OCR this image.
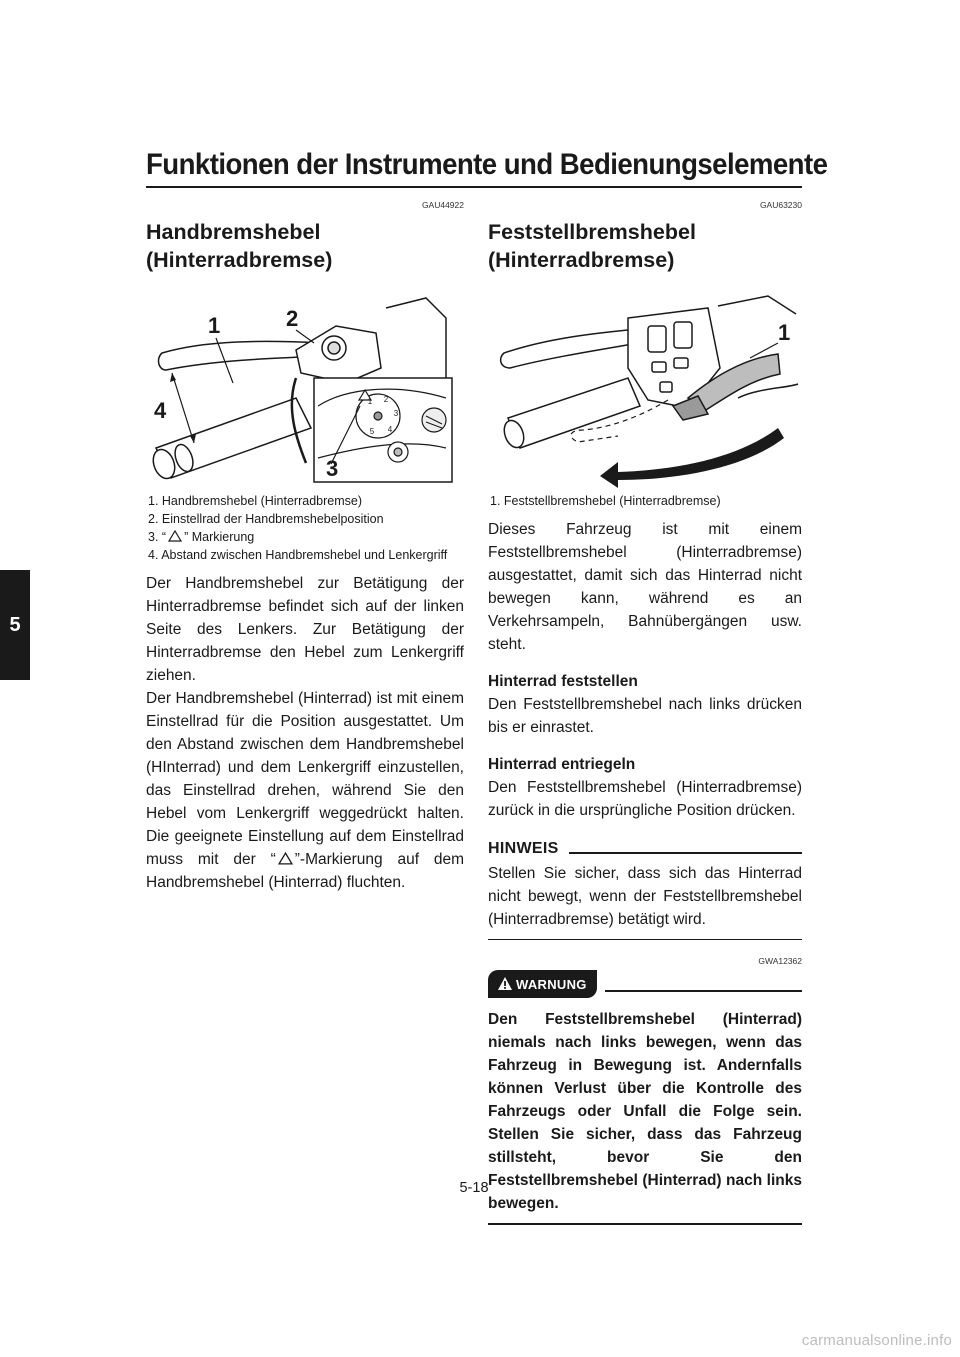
Funktionen der Instrumente und Bedienungselemente
5
GAU44922
Handbremshebel
(Hinterradbremse)
1 2
3
4
5
1	2
3
4
1. Handbremshebel (Hinterradbremse)
2. Einstellrad der Handbremshebelposition
3. “ ” Markierung
4. Abstand zwischen Handbremshebel und Lenkergriff

Der Handbremshebel zur Betätigung der Hinterradbremse befindet sich auf der linken Seite des Lenkers. Zur Betätigung der Hinterradbremse den Hebel zum Lenkergriff ziehen.

Der Handbremshebel (Hinterrad) ist mit einem Einstellrad für die Position ausgestattet. Um den Abstand zwischen dem Handbremshebel (HInterrad) und dem Lenkergriff einzustellen, das Einstellrad drehen, während Sie den Hebel vom Lenkergriff weggedrückt halten. Die geeignete Einstellung auf dem Einstellrad muss mit der “ ”-Markierung auf dem Handbremshebel (Hinterrad) fluchten.

GAU63230
Feststellbremshebel
(Hinterradbremse)
1
1. Feststellbremshebel (Hinterradbremse)

Dieses Fahrzeug ist mit einem Feststellbremshebel (Hinterradbremse) ausgestattet, damit sich das Hinterrad nicht bewegen kann, während es an Verkehrsampeln, Bahnübergängen usw. steht.

Hinterrad feststellen

Den Feststellbremshebel nach links drücken bis er einrastet.

Hinterrad entriegeln

Den Feststellbremshebel (Hinterradbremse) zurück in die ursprüngliche Position drücken.

HINWEIS

Stellen Sie sicher, dass sich das Hinterrad nicht bewegt, wenn der Feststellbremshebel (Hinterradbremse) betätigt wird.

GWA12362
WARNUNG
Den Feststellbremshebel (Hinterrad) niemals nach links bewegen, wenn das Fahrzeug in Bewegung ist. Andernfalls können Verlust über die Kontrolle des Fahrzeugs oder Unfall die Folge sein. Stellen Sie sicher, dass das Fahrzeug stillsteht, bevor Sie den Feststellbremshebel (Hinterrad) nach links bewegen.
5-18
carmanualsonline.info
